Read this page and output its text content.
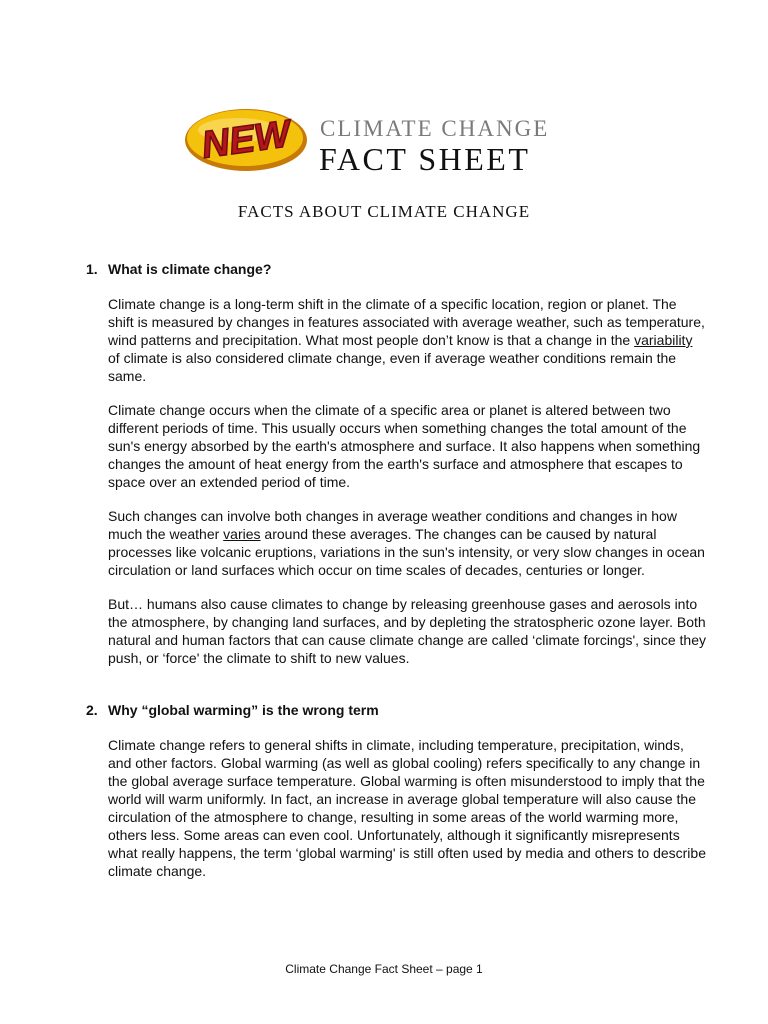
NEW CLIMATE CHANGE
FACT SHEET
FACTS ABOUT CLIMATE CHANGE
1. What is climate change?

Climate change is a long-term shift in the climate of a specific location, region or planet. The shift is measured by changes in features associated with average weather, such as temperature, wind patterns and precipitation. What most people don’t know is that a change in the variability of climate is also considered climate change, even if average weather conditions remain the same.

Climate change occurs when the climate of a specific area or planet is altered between two different periods of time. This usually occurs when something changes the total amount of the sun's energy absorbed by the earth's atmosphere and surface. It also happens when something changes the amount of heat energy from the earth's surface and atmosphere that escapes to space over an extended period of time.

Such changes can involve both changes in average weather conditions and changes in how much the weather varies around these averages. The changes can be caused by natural processes like volcanic eruptions, variations in the sun's intensity, or very slow changes in ocean circulation or land surfaces which occur on time scales of decades, centuries or longer.

But… humans also cause climates to change by releasing greenhouse gases and aerosols into the atmosphere, by changing land surfaces, and by depleting the stratospheric ozone layer. Both natural and human factors that can cause climate change are called ‘climate forcings', since they push, or ‘force' the climate to shift to new values.

2. Why “global warming” is the wrong term

Climate change refers to general shifts in climate, including temperature, precipitation, winds, and other factors. Global warming (as well as global cooling) refers specifically to any change in the global average surface temperature. Global warming is often misunderstood to imply that the world will warm uniformly. In fact, an increase in average global temperature will also cause the circulation of the atmosphere to change, resulting in some areas of the world warming more, others less. Some areas can even cool. Unfortunately, although it significantly misrepresents what really happens, the term ‘global warming' is still often used by media and others to describe climate change.

Climate Change Fact Sheet – page 1
